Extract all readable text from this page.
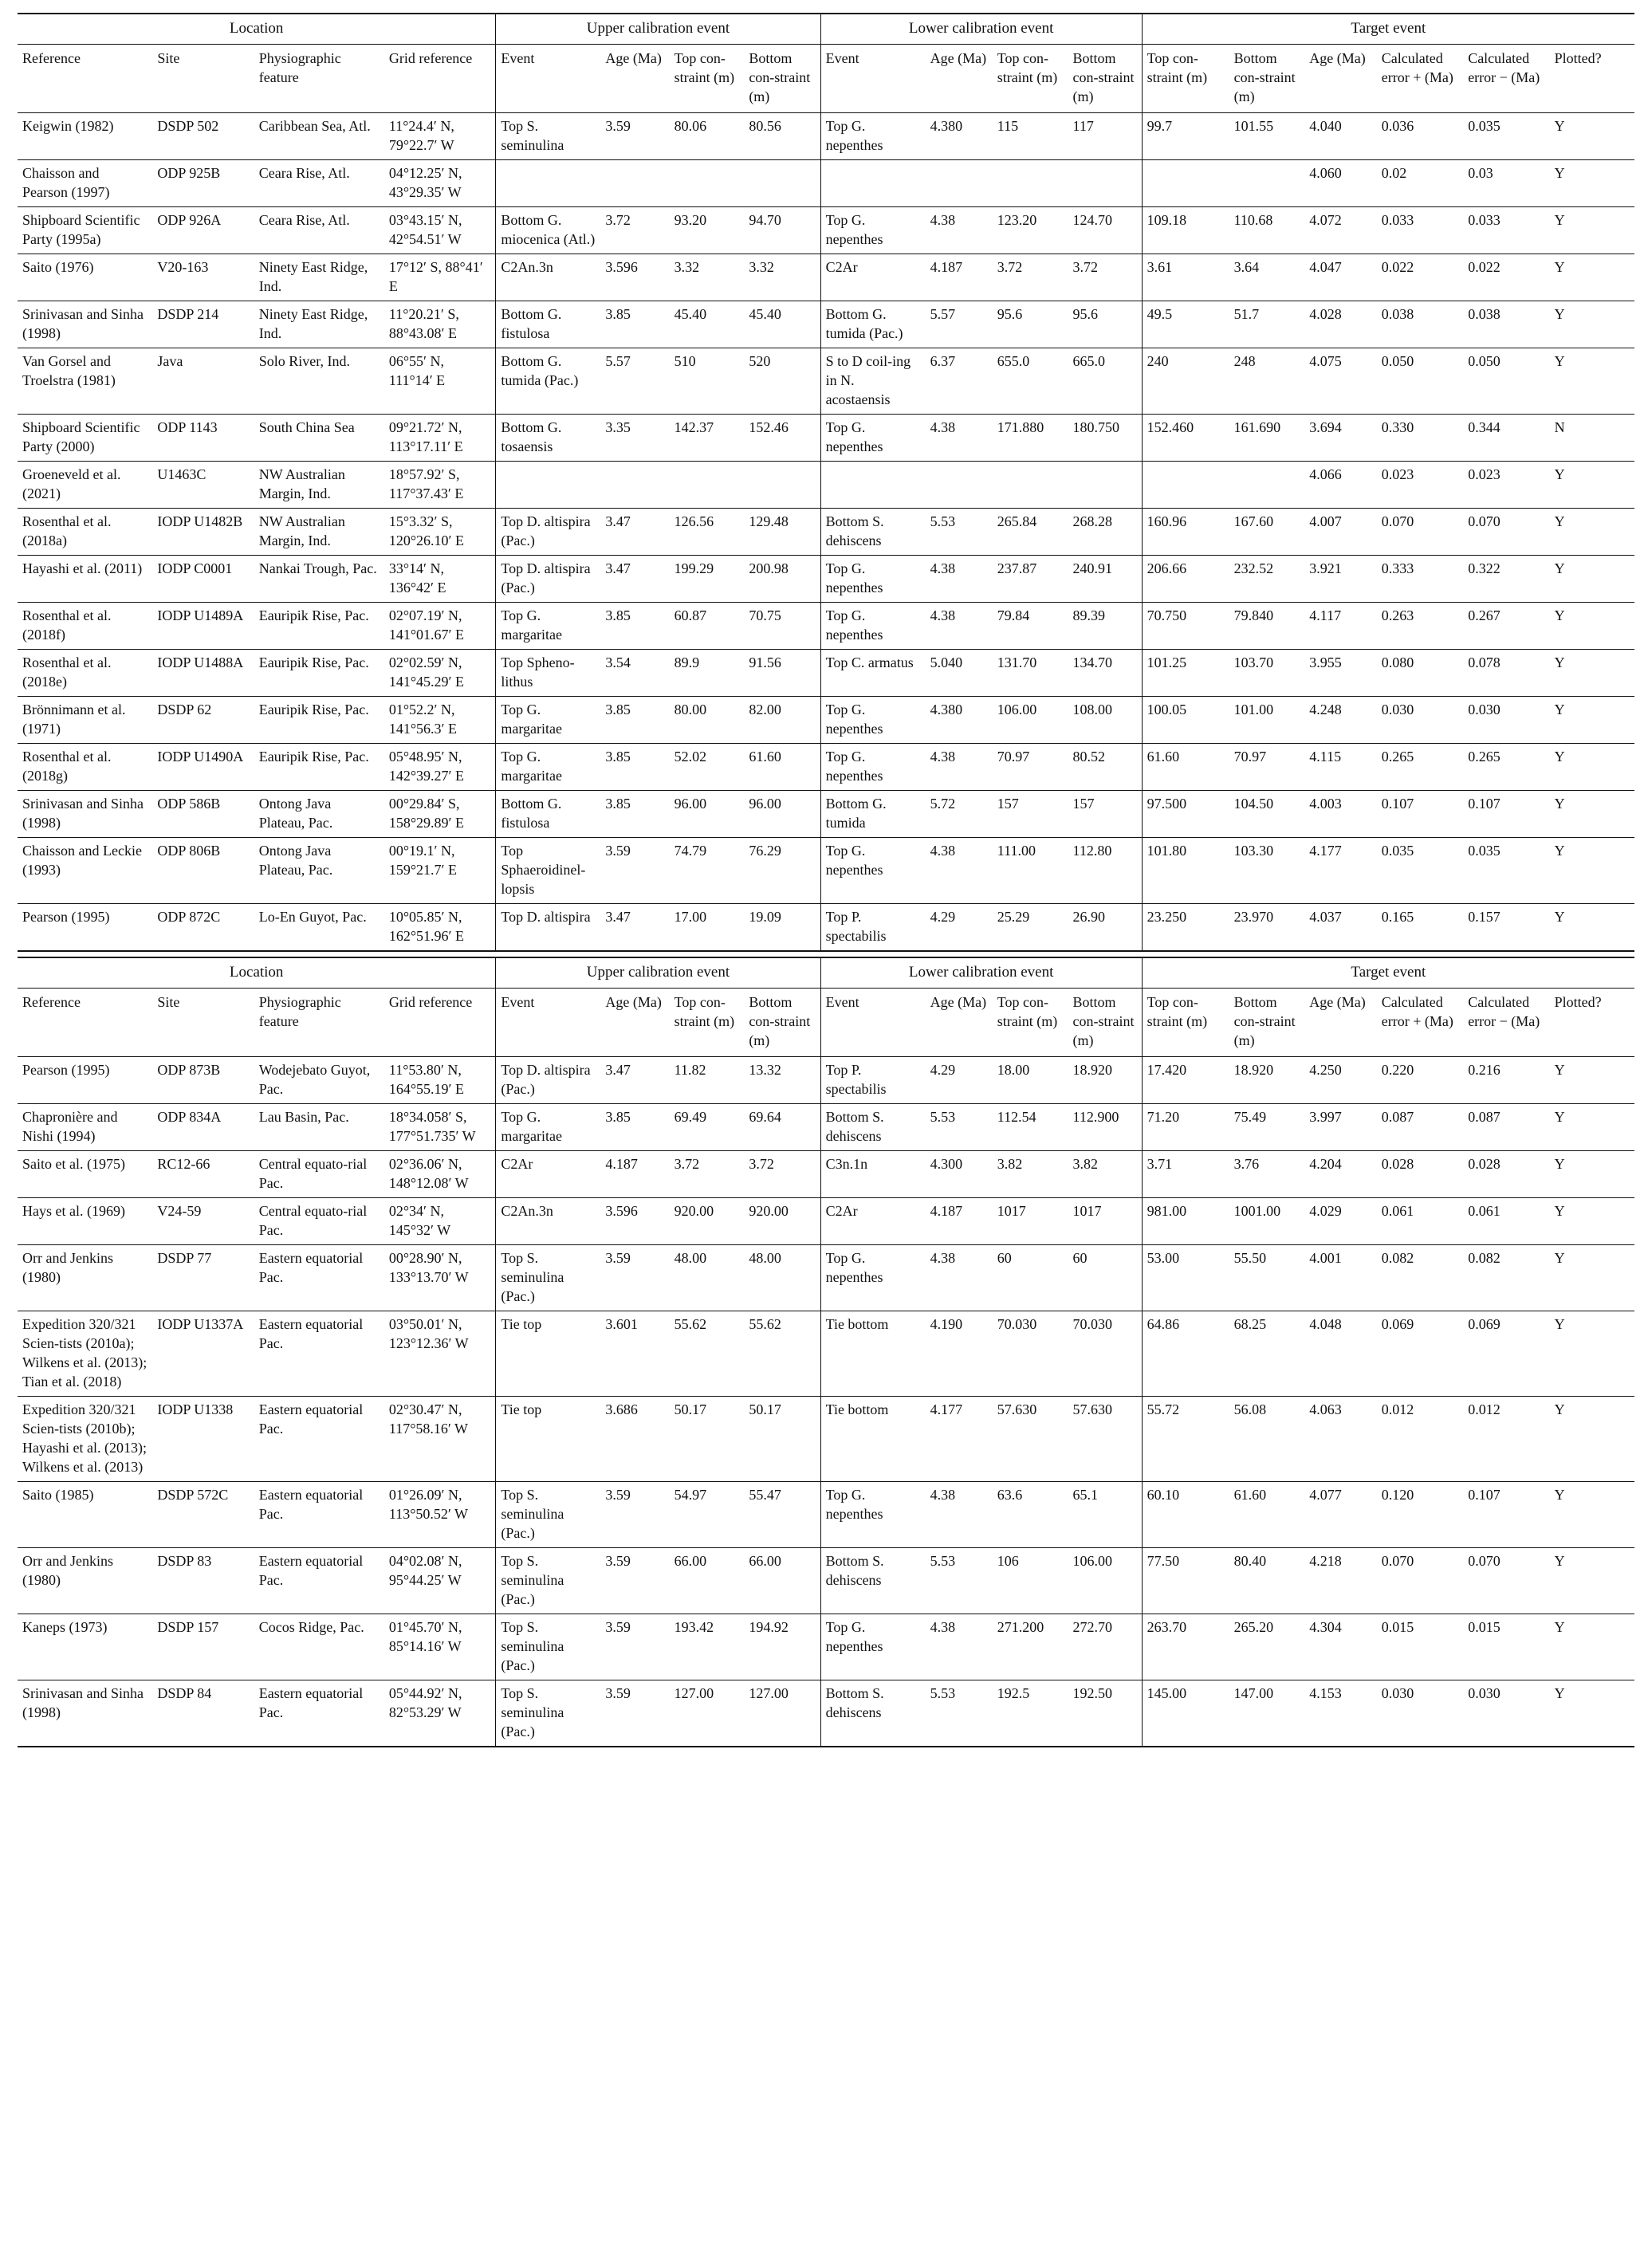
Location				Upper calibration event				Lower calibration event				Target event					
Reference	Site	Physiographic feature	Grid reference	Event	Age (Ma)	Top con-straint (m)	Bottom con-straint (m)	Event	Age (Ma)	Top con-straint (m)	Bottom con-straint (m)	Top con-straint (m)	Bottom con-straint (m)	Age (Ma)	Calculated error + (Ma)	Calculated error − (Ma)	Plotted?
Keigwin (1982)	DSDP 502	Caribbean Sea, Atl.	11°24.4′ N, 79°22.7′ W	Top S. seminulina	3.59	80.06	80.56	Top G. nepenthes	4.380	115	117	99.7	101.55	4.040	0.036	0.035	Y
Chaisson and Pearson (1997)	ODP 925B	Ceara Rise, Atl.	04°12.25′ N, 43°29.35′ W											4.060	0.02	0.03	Y
Shipboard Scientific Party (1995a)	ODP 926A	Ceara Rise, Atl.	03°43.15′ N, 42°54.51′ W	Bottom G. miocenica (Atl.)	3.72	93.20	94.70	Top G. nepenthes	4.38	123.20	124.70	109.18	110.68	4.072	0.033	0.033	Y
Saito (1976)	V20-163	Ninety East Ridge, Ind.	17°12′ S, 88°41′ E	C2An.3n	3.596	3.32	3.32	C2Ar	4.187	3.72	3.72	3.61	3.64	4.047	0.022	0.022	Y
Srinivasan and Sinha (1998)	DSDP 214	Ninety East Ridge, Ind.	11°20.21′ S, 88°43.08′ E	Bottom G. fistulosa	3.85	45.40	45.40	Bottom G. tumida (Pac.)	5.57	95.6	95.6	49.5	51.7	4.028	0.038	0.038	Y
Van Gorsel and Troelstra (1981)	Java	Solo River, Ind.	06°55′ N, 111°14′ E	Bottom G. tumida (Pac.)	5.57	510	520	S to D coil-ing in N. acostaensis	6.37	655.0	665.0	240	248	4.075	0.050	0.050	Y
Shipboard Scientific Party (2000)	ODP 1143	South China Sea	09°21.72′ N, 113°17.11′ E	Bottom G. tosaensis	3.35	142.37	152.46	Top G. nepenthes	4.38	171.880	180.750	152.460	161.690	3.694	0.330	0.344	N
Groeneveld et al. (2021)	U1463C	NW Australian Margin, Ind.	18°57.92′ S, 117°37.43′ E											4.066	0.023	0.023	Y
Rosenthal et al. (2018a)	IODP U1482B	NW Australian Margin, Ind.	15°3.32′ S, 120°26.10′ E	Top D. altispira (Pac.)	3.47	126.56	129.48	Bottom S. dehiscens	5.53	265.84	268.28	160.96	167.60	4.007	0.070	0.070	Y
Hayashi et al. (2011)	IODP C0001	Nankai Trough, Pac.	33°14′ N, 136°42′ E	Top D. altispira (Pac.)	3.47	199.29	200.98	Top G. nepenthes	4.38	237.87	240.91	206.66	232.52	3.921	0.333	0.322	Y
Rosenthal et al. (2018f)	IODP U1489A	Eauripik Rise, Pac.	02°07.19′ N, 141°01.67′ E	Top G. margaritae	3.85	60.87	70.75	Top G. nepenthes	4.38	79.84	89.39	70.750	79.840	4.117	0.263	0.267	Y
Rosenthal et al. (2018e)	IODP U1488A	Eauripik Rise, Pac.	02°02.59′ N, 141°45.29′ E	Top Spheno-lithus	3.54	89.9	91.56	Top C. armatus	5.040	131.70	134.70	101.25	103.70	3.955	0.080	0.078	Y
Brönnimann et al. (1971)	DSDP 62	Eauripik Rise, Pac.	01°52.2′ N, 141°56.3′ E	Top G. margaritae	3.85	80.00	82.00	Top G. nepenthes	4.380	106.00	108.00	100.05	101.00	4.248	0.030	0.030	Y
Rosenthal et al. (2018g)	IODP U1490A	Eauripik Rise, Pac.	05°48.95′ N, 142°39.27′ E	Top G. margaritae	3.85	52.02	61.60	Top G. nepenthes	4.38	70.97	80.52	61.60	70.97	4.115	0.265	0.265	Y
Srinivasan and Sinha (1998)	ODP 586B	Ontong Java Plateau, Pac.	00°29.84′ S, 158°29.89′ E	Bottom G. fistulosa	3.85	96.00	96.00	Bottom G. tumida	5.72	157	157	97.500	104.50	4.003	0.107	0.107	Y
Chaisson and Leckie (1993)	ODP 806B	Ontong Java Plateau, Pac.	00°19.1′ N, 159°21.7′ E	Top Sphaeroidinel-lopsis	3.59	74.79	76.29	Top G. nepenthes	4.38	111.00	112.80	101.80	103.30	4.177	0.035	0.035	Y
Pearson (1995)	ODP 872C	Lo-En Guyot, Pac.	10°05.85′ N, 162°51.96′ E	Top D. altispira	3.47	17.00	19.09	Top P. spectabilis	4.29	25.29	26.90	23.250	23.970	4.037	0.165	0.157	Y
Location				Upper calibration event				Lower calibration event				Target event					
Reference	Site	Physiographic feature	Grid reference	Event	Age (Ma)	Top con-straint (m)	Bottom con-straint (m)	Event	Age (Ma)	Top con-straint (m)	Bottom con-straint (m)	Top con-straint (m)	Bottom con-straint (m)	Age (Ma)	Calculated error + (Ma)	Calculated error − (Ma)	Plotted?
Pearson (1995)	ODP 873B	Wodejebato Guyot, Pac.	11°53.80′ N, 164°55.19′ E	Top D. altispira (Pac.)	3.47	11.82	13.32	Top P. spectabilis	4.29	18.00	18.920	17.420	18.920	4.250	0.220	0.216	Y
Chapronière and Nishi (1994)	ODP 834A	Lau Basin, Pac.	18°34.058′ S, 177°51.735′ W	Top G. margaritae	3.85	69.49	69.64	Bottom S. dehiscens	5.53	112.54	112.900	71.20	75.49	3.997	0.087	0.087	Y
Saito et al. (1975)	RC12-66	Central equato-rial Pac.	02°36.06′ N, 148°12.08′ W	C2Ar	4.187	3.72	3.72	C3n.1n	4.300	3.82	3.82	3.71	3.76	4.204	0.028	0.028	Y
Hays et al. (1969)	V24-59	Central equato-rial Pac.	02°34′ N, 145°32′ W	C2An.3n	3.596	920.00	920.00	C2Ar	4.187	1017	1017	981.00	1001.00	4.029	0.061	0.061	Y
Orr and Jenkins (1980)	DSDP 77	Eastern equatorial Pac.	00°28.90′ N, 133°13.70′ W	Top S. seminulina (Pac.)	3.59	48.00	48.00	Top G. nepenthes	4.38	60	60	53.00	55.50	4.001	0.082	0.082	Y
Expedition 320/321 Scien-tists (2010a); Wilkens et al. (2013); Tian et al. (2018)	IODP U1337A	Eastern equatorial Pac.	03°50.01′ N, 123°12.36′ W	Tie top	3.601	55.62	55.62	Tie bottom	4.190	70.030	70.030	64.86	68.25	4.048	0.069	0.069	Y
Expedition 320/321 Scien-tists (2010b); Hayashi et al. (2013); Wilkens et al. (2013)	IODP U1338	Eastern equatorial Pac.	02°30.47′ N, 117°58.16′ W	Tie top	3.686	50.17	50.17	Tie bottom	4.177	57.630	57.630	55.72	56.08	4.063	0.012	0.012	Y
Saito (1985)	DSDP 572C	Eastern equatorial Pac.	01°26.09′ N, 113°50.52′ W	Top S. seminulina (Pac.)	3.59	54.97	55.47	Top G. nepenthes	4.38	63.6	65.1	60.10	61.60	4.077	0.120	0.107	Y
Orr and Jenkins (1980)	DSDP 83	Eastern equatorial Pac.	04°02.08′ N, 95°44.25′ W	Top S. seminulina (Pac.)	3.59	66.00	66.00	Bottom S. dehiscens	5.53	106	106.00	77.50	80.40	4.218	0.070	0.070	Y
Kaneps (1973)	DSDP 157	Cocos Ridge, Pac.	01°45.70′ N, 85°14.16′ W	Top S. seminulina (Pac.)	3.59	193.42	194.92	Top G. nepenthes	4.38	271.200	272.70	263.70	265.20	4.304	0.015	0.015	Y
Srinivasan and Sinha (1998)	DSDP 84	Eastern equatorial Pac.	05°44.92′ N, 82°53.29′ W	Top S. seminulina (Pac.)	3.59	127.00	127.00	Bottom S. dehiscens	5.53	192.5	192.50	145.00	147.00	4.153	0.030	0.030	Y
